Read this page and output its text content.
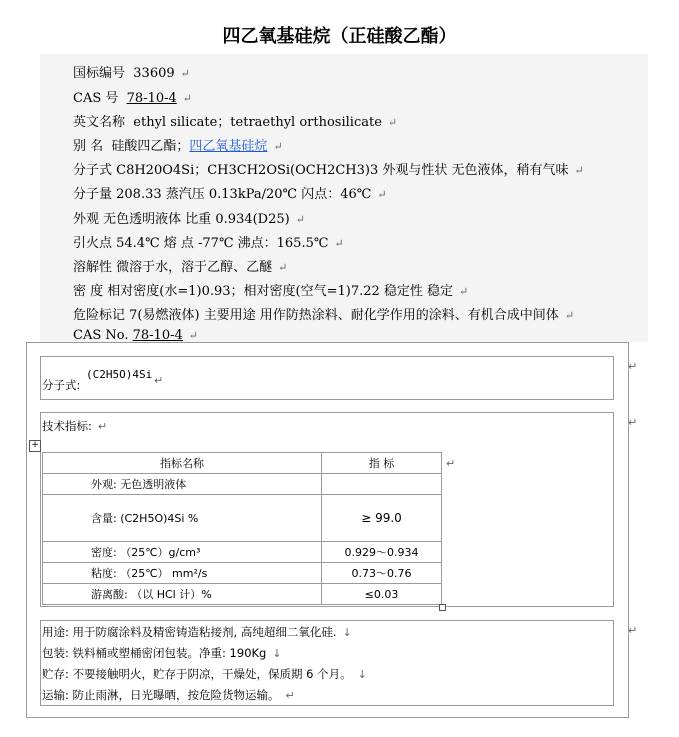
四乙氧基硅烷（正硅酸乙酯）
国标编号 33609 ↵
CAS 号 78-10-4 ↵
英文名称 ethyl silicate；tetraethyl orthosilicate ↵
别 名 硅酸四乙酯；四乙氧基硅烷 ↵
分子式 C8H20O4Si；CH3CH2OSi(OCH2CH3)3 外观与性状 无色液体，稍有气味 ↵
分子量 208.33 蒸汽压 0.13kPa/20℃ 闪点：46℃ ↵
外观 无色透明液体 比重 0.934(D25) ↵
引火点 54.4℃ 熔 点 -77℃ 沸点：165.5℃ ↵
溶解性 微溶于水，溶于乙醇、乙醚 ↵
密 度 相对密度(水=1)0.93；相对密度(空气=1)7.22 稳定性 稳定 ↵
危险标记 7(易燃液体) 主要用途 用作防热涂料、耐化学作用的涂料、有机合成中间体 ↵
CAS No. 78-10-4 ↵
分子式:
(C2H5O)4Si ↵
↵
技术指标: ↵	↵
+
指标名称	指 标
外观: 无色透明液体	
含量: (C2H5O)4Si %	≥ 99.0
密度: （25℃）g/cm³	0.929～0.934
粘度: （25℃） mm²/s	0.73～0.76
游离酸: （以 HCl 计）%	≤0.03
↵
用途: 用于防腐涂料及精密铸造粘接剂, 高纯超细二氧化硅. ↓
包装: 铁料桶或塑桶密闭包装。净重: 190Kg ↓
贮存: 不要接触明火，贮存于阴凉，干燥处，保质期 6 个月。 ↓
运输: 防止雨淋，日光曝晒，按危险货物运输。 ↵
↵
